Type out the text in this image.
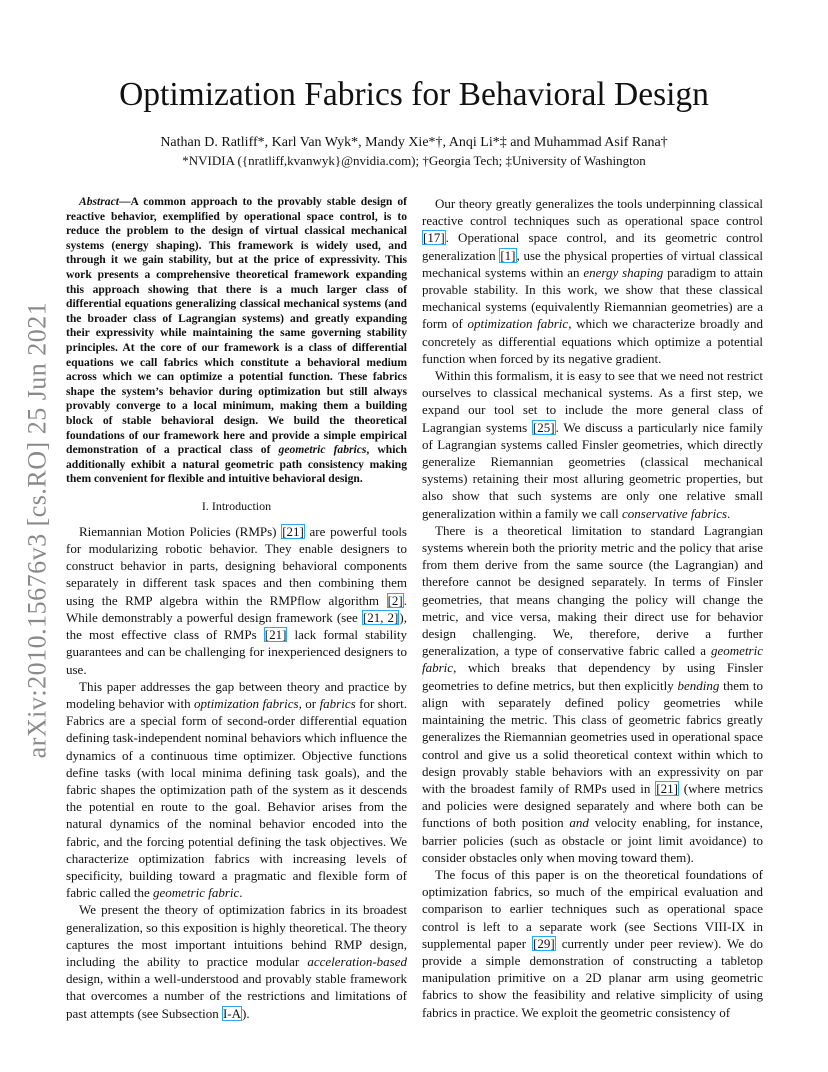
arXiv:2010.15676v3 [cs.RO] 25 Jun 2021
Optimization Fabrics for Behavioral Design
Nathan D. Ratliff*, Karl Van Wyk*, Mandy Xie*†, Anqi Li*‡ and Muhammad Asif Rana†
*NVIDIA ({nratliff,kvanwyk}@nvidia.com); †Georgia Tech; ‡University of Washington

Abstract—A common approach to the provably stable design of reactive behavior, exemplified by operational space control, is to reduce the problem to the design of virtual classical mechanical systems (energy shaping). This framework is widely used, and through it we gain stability, but at the price of expressivity. This work presents a comprehensive theoretical framework expanding this approach showing that there is a much larger class of differential equations generalizing classical mechanical systems (and the broader class of Lagrangian systems) and greatly expanding their expressivity while maintaining the same governing stability principles. At the core of our framework is a class of differential equations we call fabrics which constitute a behavioral medium across which we can optimize a potential function. These fabrics shape the system’s behavior during optimization but still always provably converge to a local minimum, making them a building block of stable behavioral design. We build the theoretical foundations of our framework here and provide a simple empirical demonstration of a practical class of geometric fabrics, which additionally exhibit a natural geometric path consistency making them convenient for flexible and intuitive behavioral design.

I. Introduction

Riemannian Motion Policies (RMPs) [21] are powerful tools for modularizing robotic behavior. They enable designers to construct behavior in parts, designing behavioral components separately in different task spaces and then combining them using the RMP algebra within the RMPflow algorithm [2]. While demonstrably a powerful design framework (see [21, 2]), the most effective class of RMPs [21] lack formal stability guarantees and can be challenging for inexperienced designers to use.

This paper addresses the gap between theory and practice by modeling behavior with optimization fabrics, or fabrics for short. Fabrics are a special form of second-order differential equation defining task-independent nominal behaviors which influence the dynamics of a continuous time optimizer. Objective functions define tasks (with local minima defining task goals), and the fabric shapes the optimization path of the system as it descends the potential en route to the goal. Behavior arises from the natural dynamics of the nominal behavior encoded into the fabric, and the forcing potential defining the task objectives. We characterize optimization fabrics with increasing levels of specificity, building toward a pragmatic and flexible form of fabric called the geometric fabric.

We present the theory of optimization fabrics in its broadest generalization, so this exposition is highly theoretical. The theory captures the most important intuitions behind RMP design, including the ability to practice modular acceleration-based design, within a well-understood and provably stable framework that overcomes a number of the restrictions and limitations of past attempts (see Subsection I-A).

Our theory greatly generalizes the tools underpinning classical reactive control techniques such as operational space control [17]. Operational space control, and its geometric control generalization [1], use the physical properties of virtual classical mechanical systems within an energy shaping paradigm to attain provable stability. In this work, we show that these classical mechanical systems (equivalently Riemannian geometries) are a form of optimization fabric, which we characterize broadly and concretely as differential equations which optimize a potential function when forced by its negative gradient.

Within this formalism, it is easy to see that we need not restrict ourselves to classical mechanical systems. As a first step, we expand our tool set to include the more general class of Lagrangian systems [25]. We discuss a particularly nice family of Lagrangian systems called Finsler geometries, which directly generalize Riemannian geometries (classical mechanical systems) retaining their most alluring geometric properties, but also show that such systems are only one relative small generalization within a family we call conservative fabrics.

There is a theoretical limitation to standard Lagrangian systems wherein both the priority metric and the policy that arise from them derive from the same source (the Lagrangian) and therefore cannot be designed separately. In terms of Finsler geometries, that means changing the policy will change the metric, and vice versa, making their direct use for behavior design challenging. We, therefore, derive a further generalization, a type of conservative fabric called a geometric fabric, which breaks that dependency by using Finsler geometries to define metrics, but then explicitly bending them to align with separately defined policy geometries while maintaining the metric. This class of geometric fabrics greatly generalizes the Riemannian geometries used in operational space control and give us a solid theoretical context within which to design provably stable behaviors with an expressivity on par with the broadest family of RMPs used in [21] (where metrics and policies were designed separately and where both can be functions of both position and velocity enabling, for instance, barrier policies (such as obstacle or joint limit avoidance) to consider obstacles only when moving toward them).

The focus of this paper is on the theoretical foundations of optimization fabrics, so much of the empirical evaluation and comparison to earlier techniques such as operational space control is left to a separate work (see Sections VIII-IX in supplemental paper [29] currently under peer review). We do provide a simple demonstration of constructing a tabletop manipulation primitive on a 2D planar arm using geometric fabrics to show the feasibility and relative simplicity of using fabrics in practice. We exploit the geometric consistency of
